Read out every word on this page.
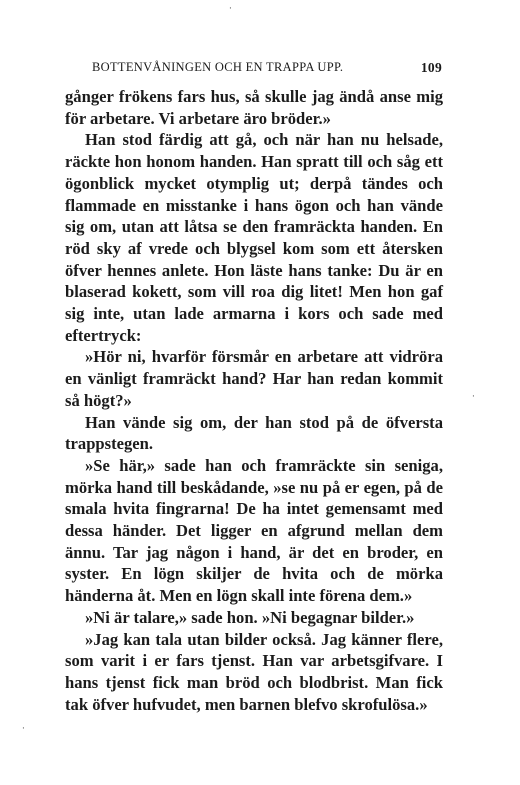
BOTTENVÅNINGEN OCH EN TRAPPA UPP.	109

gånger frökens fars hus, så skulle jag ändå anse mig för arbetare. Vi arbetare äro bröder.»

Han stod färdig att gå, och när han nu helsade, räckte hon honom handen. Han spratt till och såg ett ögonblick mycket otymplig ut; derpå tändes och flammade en misstanke i hans ögon och han vände sig om, utan att låtsa se den framräckta handen. En röd sky af vrede och blygsel kom som ett återsken öfver hennes anlete. Hon läste hans tanke: Du är en blaserad kokett, som vill roa dig litet! Men hon gaf sig inte, utan lade armarna i kors och sade med eftertryck:

»Hör ni, hvarför försmår en arbetare att vidröra en vänligt framräckt hand? Har han redan kommit så högt?»

Han vände sig om, der han stod på de öfversta trappstegen.

»Se här,» sade han och framräckte sin seniga, mörka hand till beskådande, »se nu på er egen, på de smala hvita fingrarna! De ha intet gemensamt med dessa händer. Det ligger en afgrund mellan dem ännu. Tar jag någon i hand, är det en broder, en syster. En lögn skiljer de hvita och de mörka händerna åt. Men en lögn skall inte förena dem.»

»Ni är talare,» sade hon. »Ni begagnar bilder.»

»Jag kan tala utan bilder också. Jag känner flere, som varit i er fars tjenst. Han var arbetsgifvare. I hans tjenst fick man bröd och blodbrist. Man fick tak öfver hufvudet, men barnen blefvo skrofulösa.»

·
·
·
